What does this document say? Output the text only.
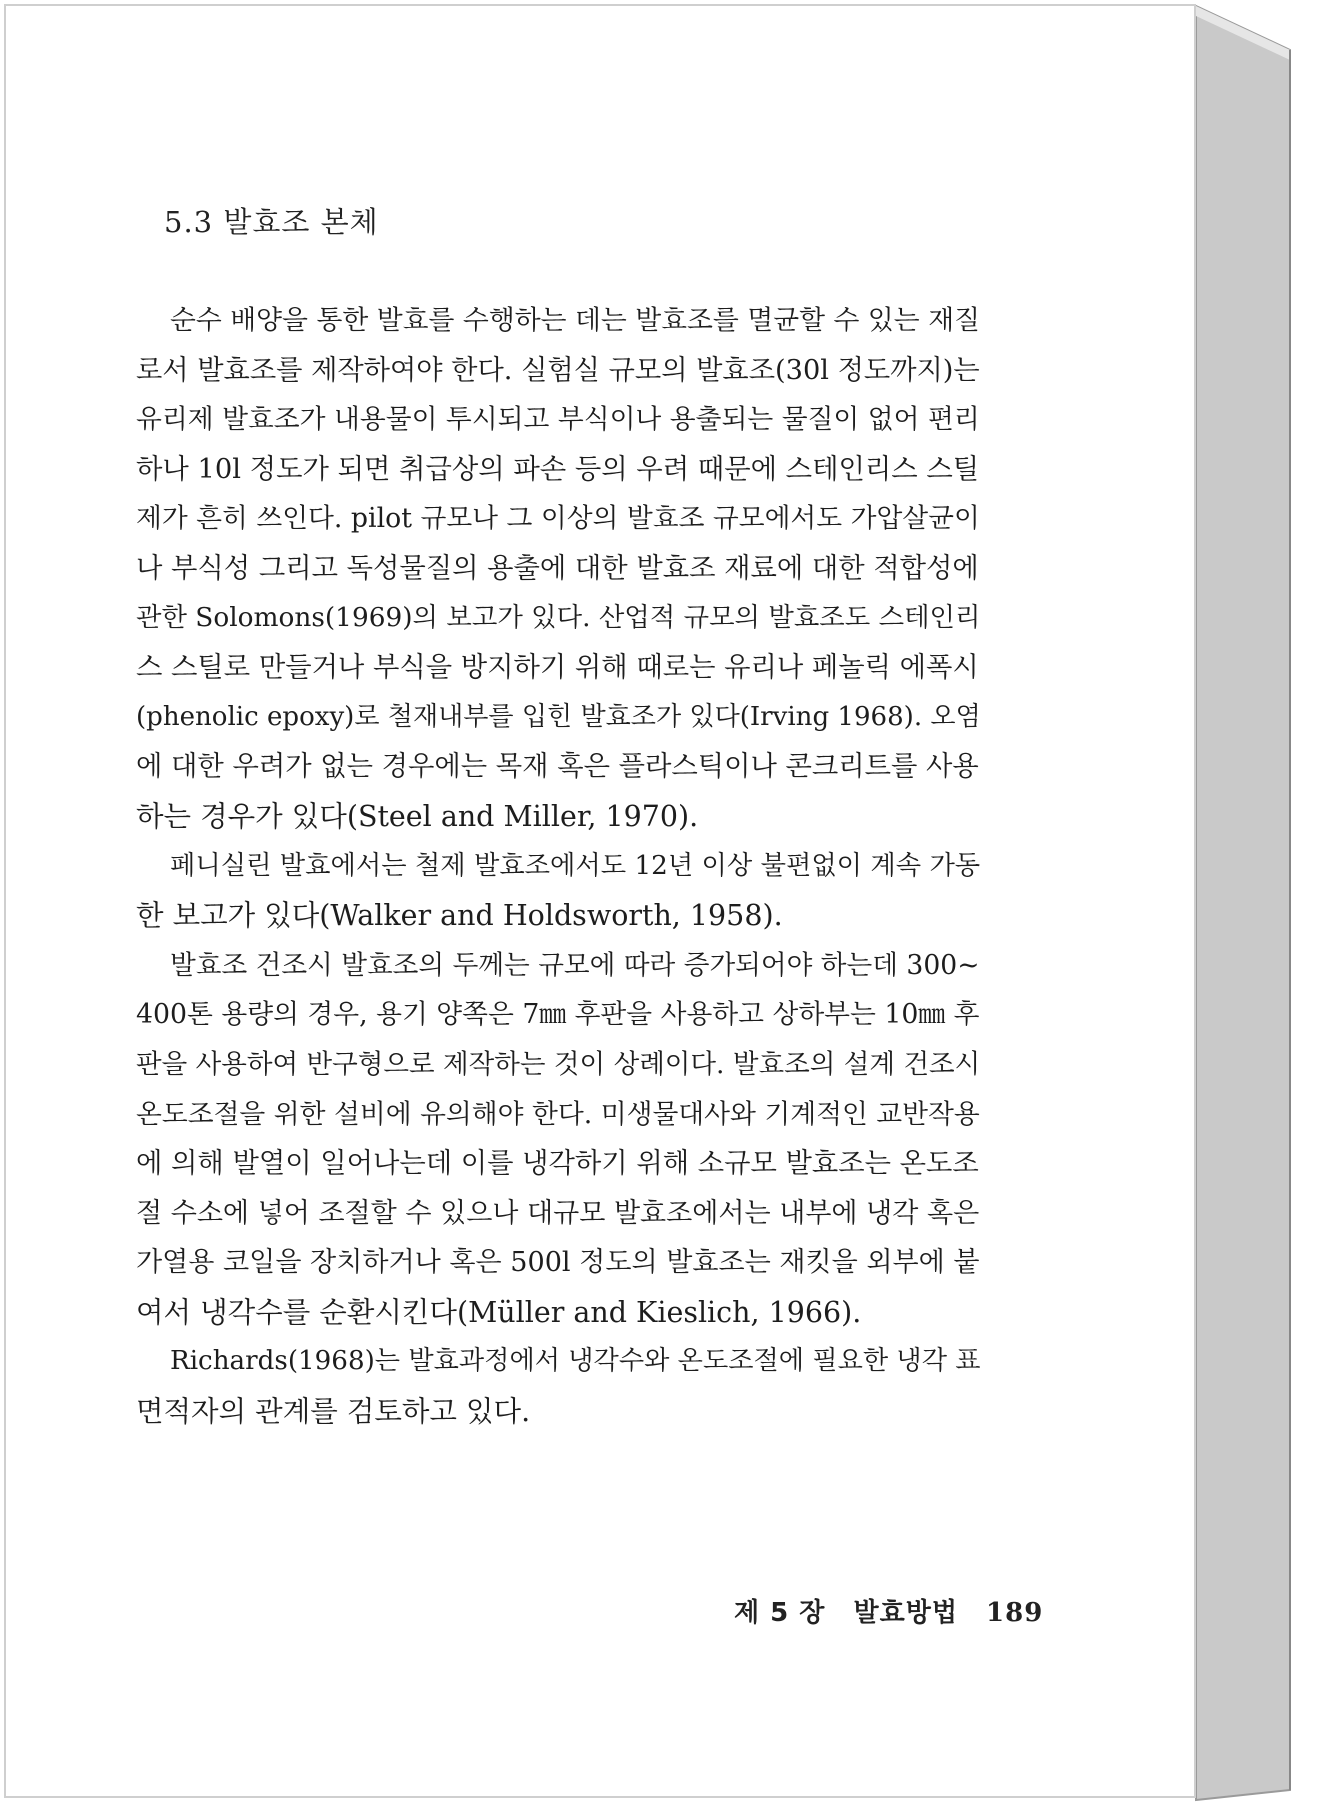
5.3 발효조 본체

순수 배양을 통한 발효를 수행하는 데는 발효조를 멸균할 수 있는 재질
로서 발효조를 제작하여야 한다. 실험실 규모의 발효조(30l 정도까지)는
유리제 발효조가 내용물이 투시되고 부식이나 용출되는 물질이 없어 편리
하나 10l 정도가 되면 취급상의 파손 등의 우려 때문에 스테인리스 스틸
제가 흔히 쓰인다. pilot 규모나 그 이상의 발효조 규모에서도 가압살균이
나 부식성 그리고 독성물질의 용출에 대한 발효조 재료에 대한 적합성에
관한 Solomons(1969)의 보고가 있다. 산업적 규모의 발효조도 스테인리
스 스틸로 만들거나 부식을 방지하기 위해 때로는 유리나 페놀릭 에폭시
(phenolic epoxy)로 철재내부를 입힌 발효조가 있다(Irving 1968). 오염
에 대한 우려가 없는 경우에는 목재 혹은 플라스틱이나 콘크리트를 사용
하는 경우가 있다(Steel and Miller, 1970).

페니실린 발효에서는 철제 발효조에서도 12년 이상 불편없이 계속 가동
한 보고가 있다(Walker and Holdsworth, 1958).

발효조 건조시 발효조의 두께는 규모에 따라 증가되어야 하는데 300~
400톤 용량의 경우, 용기 양쪽은 7㎜ 후판을 사용하고 상하부는 10㎜ 후
판을 사용하여 반구형으로 제작하는 것이 상례이다. 발효조의 설계 건조시
온도조절을 위한 설비에 유의해야 한다. 미생물대사와 기계적인 교반작용
에 의해 발열이 일어나는데 이를 냉각하기 위해 소규모 발효조는 온도조
절 수소에 넣어 조절할 수 있으나 대규모 발효조에서는 내부에 냉각 혹은
가열용 코일을 장치하거나 혹은 500l 정도의 발효조는 재킷을 외부에 붙
여서 냉각수를 순환시킨다(Müller and Kieslich, 1966).

Richards(1968)는 발효과정에서 냉각수와 온도조절에 필요한 냉각 표
면적자의 관계를 검토하고 있다.

제 5 장 발효방법 189
